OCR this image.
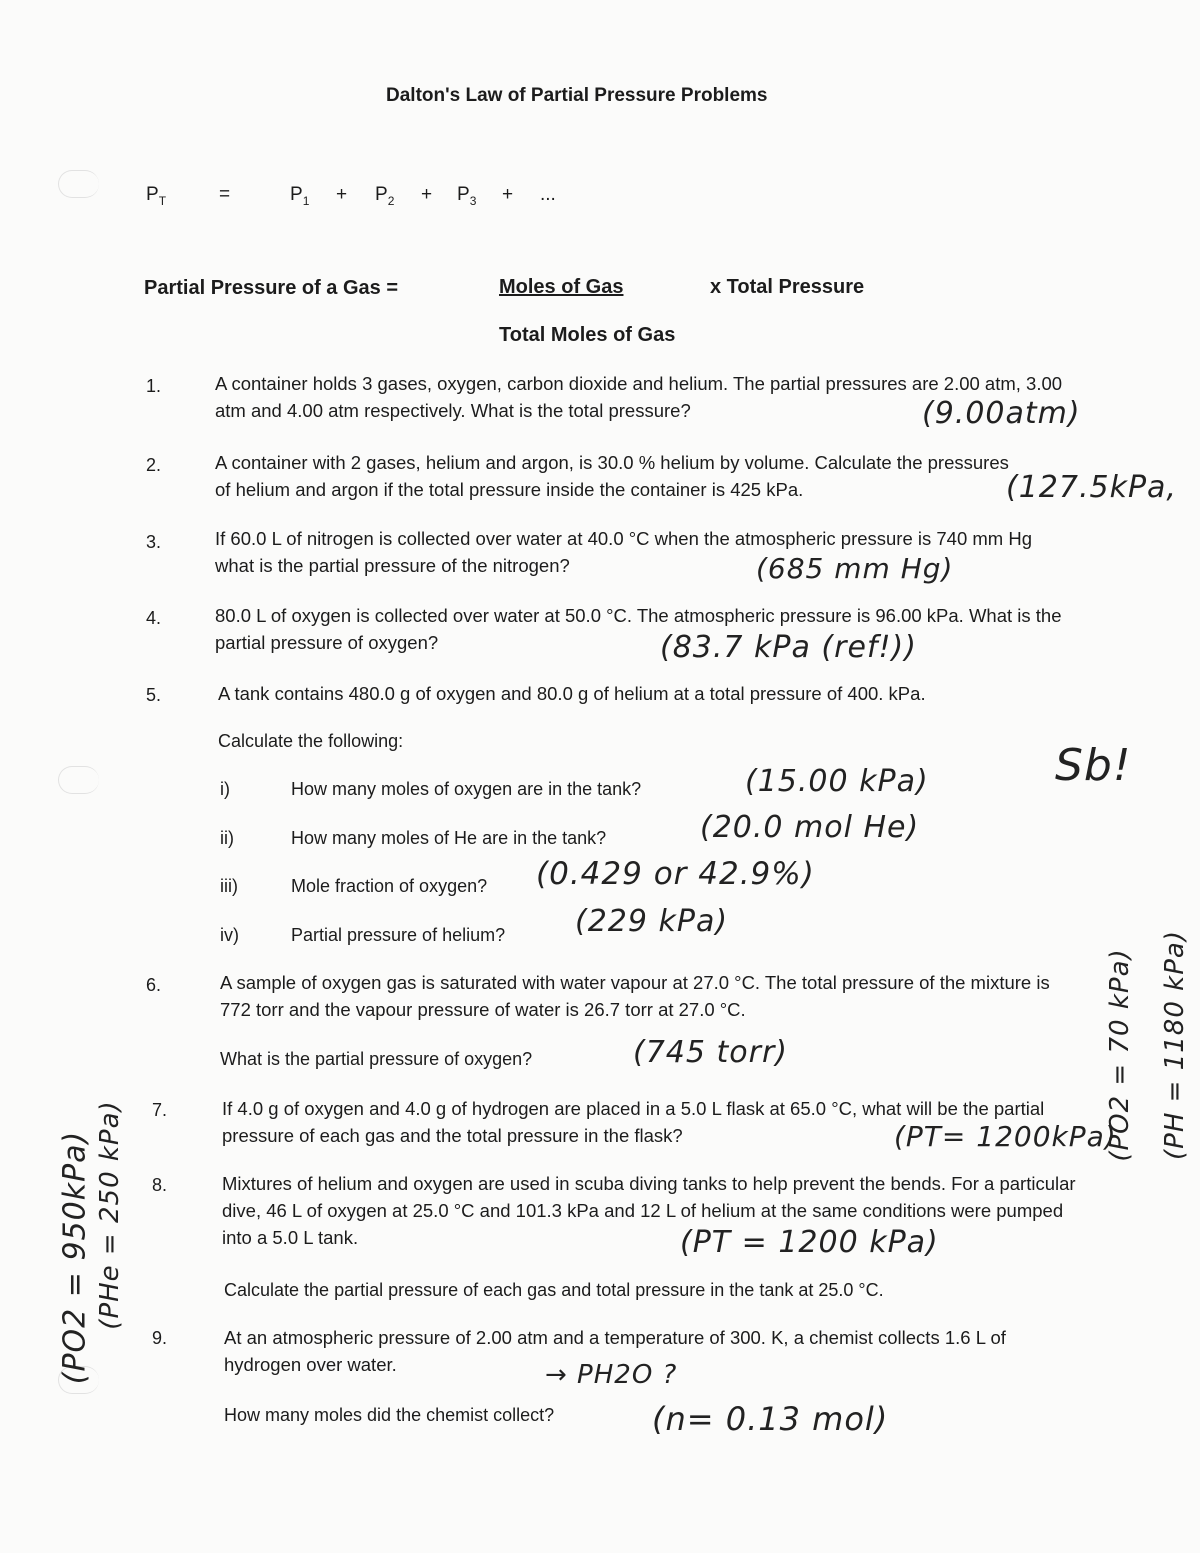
Dalton's Law of Partial Pressure Problems
$P_T$	=	$P_1 + P_2 + P_3$ + ...
Partial Pressure of a Gas =	Moles of Gas	x Total Pressure
Total Moles of Gas
1.	A container holds 3 gases, oxygen, carbon dioxide and helium. The partial pressures are 2.00 atm, 3.00 atm and 4.00 atm respectively. What is the total pressure?	(9.00atm)
2.	A container with 2 gases, helium and argon, is 30.0 % helium by volume. Calculate the pressures of helium and argon if the total pressure inside the container is 425 kPa.	(127.5kPa,
3.	If 60.0 L of nitrogen is collected over water at 40.0 °C when the atmospheric pressure is 740 mm Hg what is the partial pressure of the nitrogen?	(685 mm Hg)
4.	80.0 L of oxygen is collected over water at 50.0 °C. The atmospheric pressure is 96.00 kPa. What is the partial pressure of oxygen?	(83.7 kPa (ref!))
5.	A tank contains 480.0 g of oxygen and 80.0 g of helium at a total pressure of 400. kPa.
Calculate the following:	Sb!
i)	How many moles of oxygen are in the tank?	(15.00 kPa)
ii)	How many moles of He are in the tank?	(20.0 mol He)
iii)	Mole fraction of oxygen? (0.429 or 42.9%)
iv)	Partial pressure of helium? (229 kPa)
6.	A sample of oxygen gas is saturated with water vapour at 27.0 °C. The total pressure of the mixture is 772 torr and the vapour pressure of water is 26.7 torr at 27.0 °C.
What is the partial pressure of oxygen?	(745 torr)
7.	If 4.0 g of oxygen and 4.0 g of hydrogen are placed in a 5.0 L flask at 65.0 °C, what will be the partial pressure of each gas and the total pressure in the flask?	(PT= 1200kPa)
8.	Mixtures of helium and oxygen are used in scuba diving tanks to help prevent the bends. For a particular dive, 46 L of oxygen at 25.0 °C and 101.3 kPa and 12 L of helium at the same conditions were pumped into a 5.0 L tank.	(PT = 1200 kPa)
Calculate the partial pressure of each gas and total pressure in the tank at 25.0 °C.
9.	At an atmospheric pressure of 2.00 atm and a temperature of 300. K, a chemist collects 1.6 L of hydrogen over water.	→ PH2O ?
How many moles did the chemist collect?	(n= 0.13 mol)
(PO2 = 950kPa) (PHe = 250 kPa)
(PO2 = 70 kPa) (PH = 1180 kPa)
